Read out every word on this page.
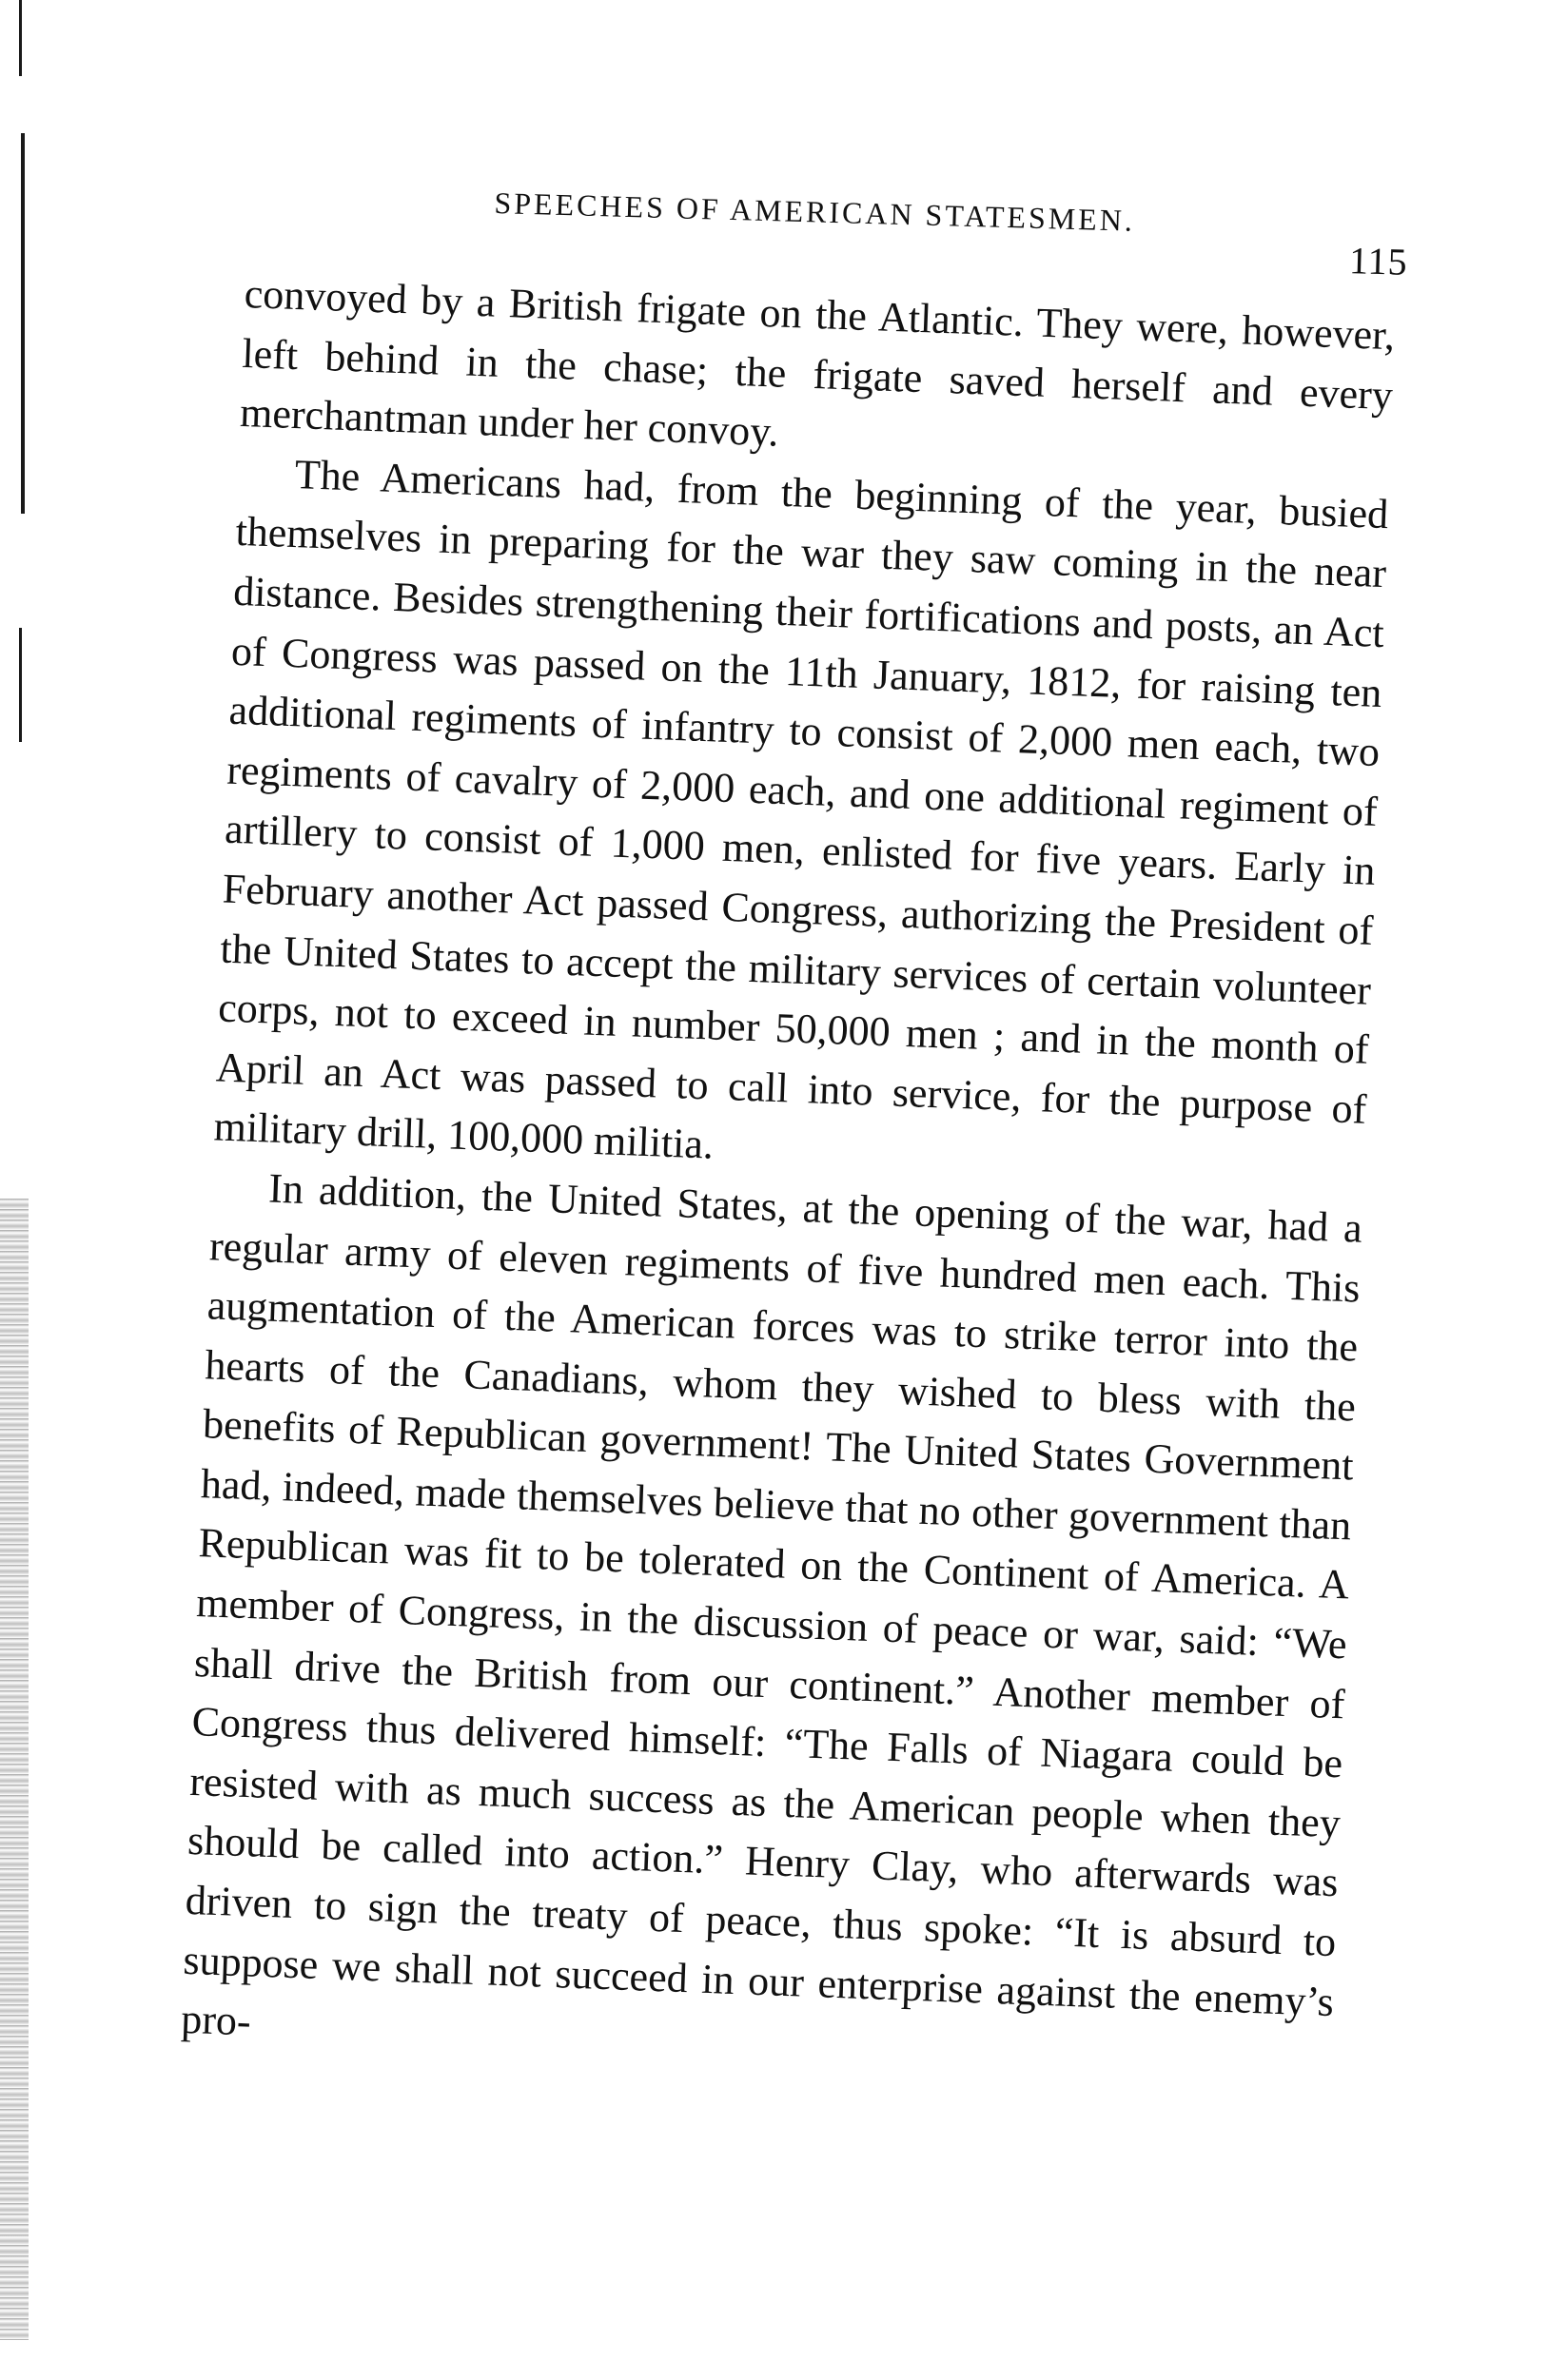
SPEECHES OF AMERICAN STATESMEN.
115

convoyed by a British frigate on the Atlantic. They were, however, left behind in the chase; the frigate saved herself and every merchantman under her convoy.

The Americans had, from the beginning of the year, busied themselves in preparing for the war they saw coming in the near distance. Besides strengthening their fortifications and posts, an Act of Congress was passed on the 11th January, 1812, for raising ten additional regiments of infantry to consist of 2,000 men each, two regiments of cavalry of 2,000 each, and one additional regiment of artillery to consist of 1,000 men, enlisted for five years. Early in February another Act passed Congress, authorizing the President of the United States to accept the military services of certain volunteer corps, not to exceed in number 50,000 men ; and in the month of April an Act was passed to call into service, for the purpose of military drill, 100,000 militia.

In addition, the United States, at the opening of the war, had a regular army of eleven regiments of five hundred men each. This augmentation of the American forces was to strike terror into the hearts of the Canadians, whom they wished to bless with the benefits of Republican government! The United States Government had, indeed, made themselves believe that no other government than Republican was fit to be tolerated on the Continent of America. A member of Congress, in the discussion of peace or war, said: “We shall drive the British from our continent.” Another member of Congress thus delivered himself: “The Falls of Niagara could be resisted with as much success as the American people when they should be called into action.” Henry Clay, who afterwards was driven to sign the treaty of peace, thus spoke: “It is absurd to suppose we shall not succeed in our enterprise against the enemy’s pro-
